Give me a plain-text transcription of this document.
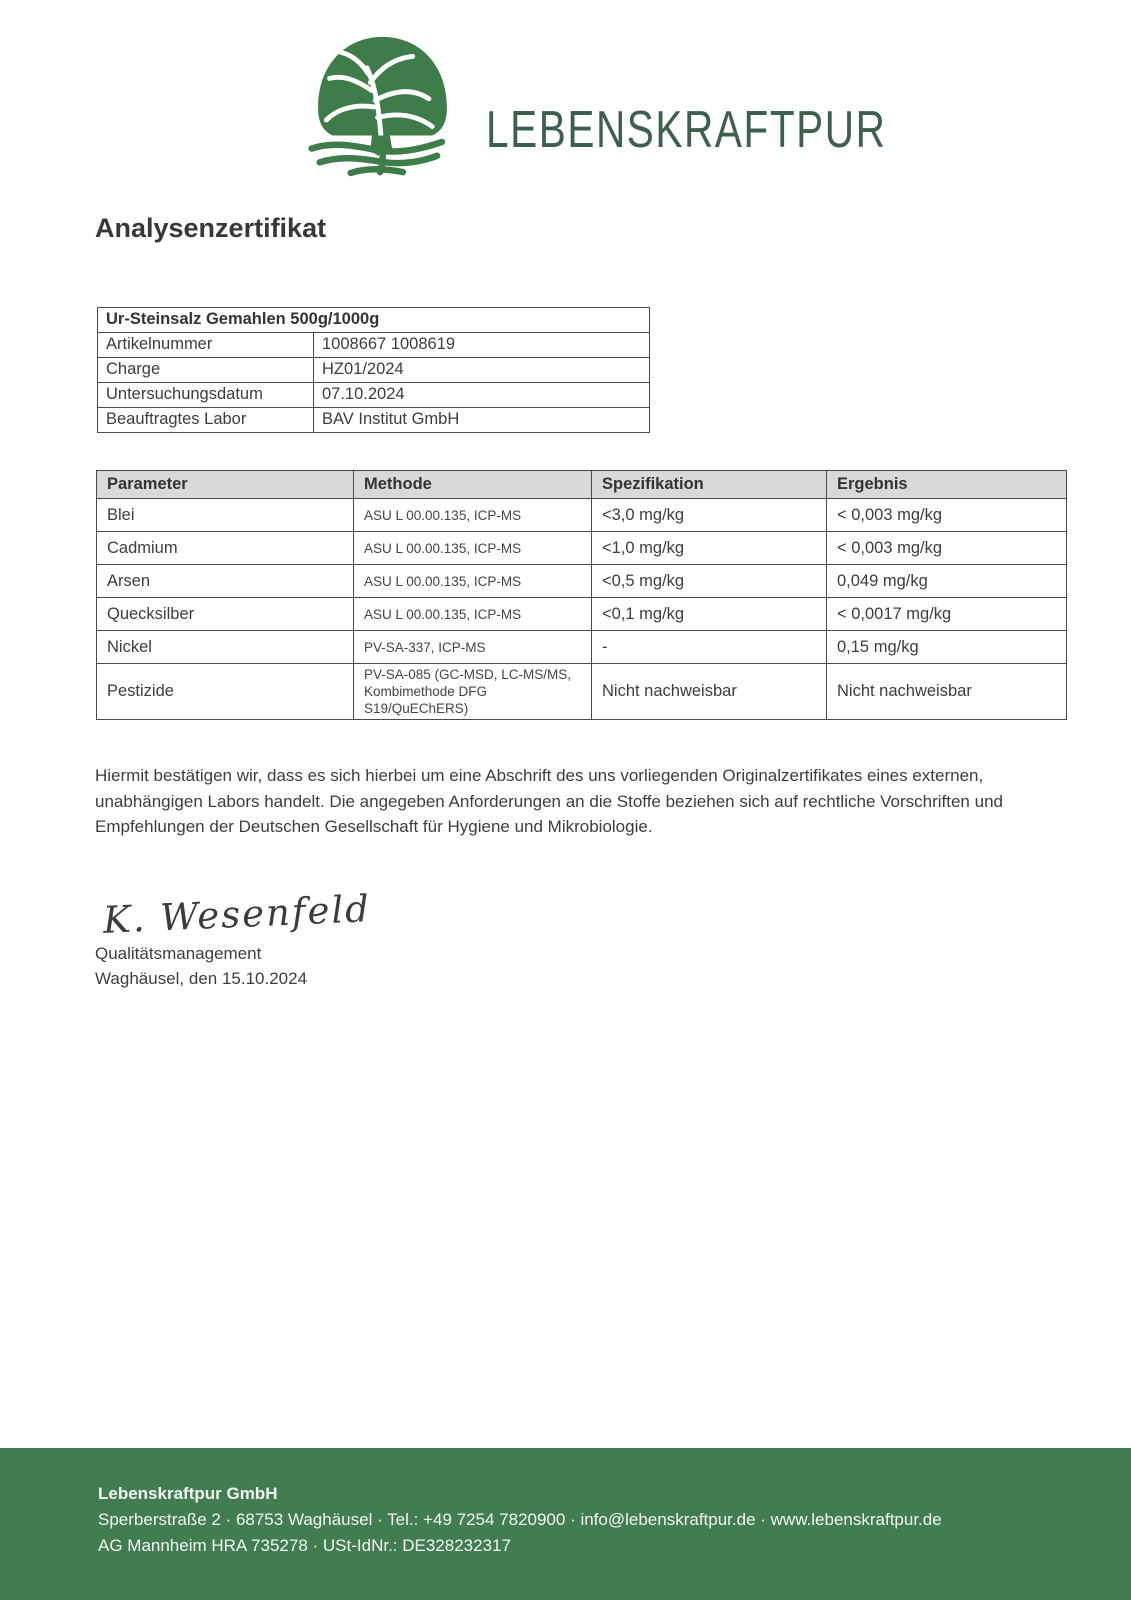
LEBENSKRAFTPUR
Analysenzertifikat
Ur-Steinsalz Gemahlen 500g/1000g	
Artikelnummer	1008667 1008619
Charge	HZ01/2024
Untersuchungsdatum	07.10.2024
Beauftragtes Labor	BAV Institut GmbH
Parameter	Methode	Spezifikation	Ergebnis
Blei	ASU L 00.00.135, ICP-MS	<3,0 mg/kg	< 0,003 mg/kg
Cadmium	ASU L 00.00.135, ICP-MS	<1,0 mg/kg	< 0,003 mg/kg
Arsen	ASU L 00.00.135, ICP-MS	<0,5 mg/kg	0,049 mg/kg
Quecksilber	ASU L 00.00.135, ICP-MS	<0,1 mg/kg	< 0,0017 mg/kg
Nickel	PV-SA-337, ICP-MS	-	0,15 mg/kg
Pestizide	PV-SA-085 (GC-MSD, LC-MS/MS, Kombimethode DFG S19/QuEChERS)	Nicht nachweisbar	Nicht nachweisbar

Hiermit bestätigen wir, dass es sich hierbei um eine Abschrift des uns vorliegenden Originalzertifikates eines externen, unabhängigen Labors handelt. Die angegeben Anforderungen an die Stoffe beziehen sich auf rechtliche Vorschriften und Empfehlungen der Deutschen Gesellschaft für Hygiene und Mikrobiologie.

K. Wesenfeld
Qualitätsmanagement
Waghäusel, den 15.10.2024
Lebenskraftpur GmbH
Sperberstraße 2 · 68753 Waghäusel · Tel.: +49 7254 7820900 · info@lebenskraftpur.de · www.lebenskraftpur.de
AG Mannheim HRA 735278 · USt-IdNr.: DE328232317
